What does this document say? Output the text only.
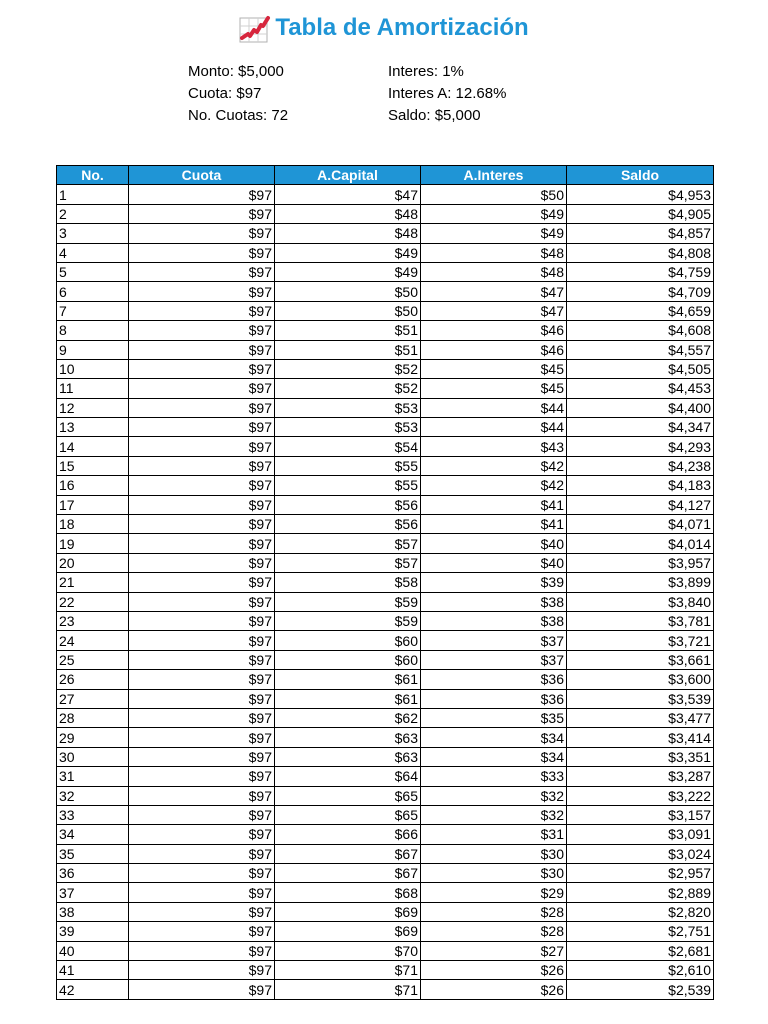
Tabla de Amortización
Monto: $5,000	Interes: 1%
Cuota: $97	Interes A: 12.68%
No. Cuotas: 72	Saldo: $5,000
No.	Cuota	A.Capital	A.Interes	Saldo
1	$97	$47	$50	$4,953
2	$97	$48	$49	$4,905
3	$97	$48	$49	$4,857
4	$97	$49	$48	$4,808
5	$97	$49	$48	$4,759
6	$97	$50	$47	$4,709
7	$97	$50	$47	$4,659
8	$97	$51	$46	$4,608
9	$97	$51	$46	$4,557
10	$97	$52	$45	$4,505
11	$97	$52	$45	$4,453
12	$97	$53	$44	$4,400
13	$97	$53	$44	$4,347
14	$97	$54	$43	$4,293
15	$97	$55	$42	$4,238
16	$97	$55	$42	$4,183
17	$97	$56	$41	$4,127
18	$97	$56	$41	$4,071
19	$97	$57	$40	$4,014
20	$97	$57	$40	$3,957
21	$97	$58	$39	$3,899
22	$97	$59	$38	$3,840
23	$97	$59	$38	$3,781
24	$97	$60	$37	$3,721
25	$97	$60	$37	$3,661
26	$97	$61	$36	$3,600
27	$97	$61	$36	$3,539
28	$97	$62	$35	$3,477
29	$97	$63	$34	$3,414
30	$97	$63	$34	$3,351
31	$97	$64	$33	$3,287
32	$97	$65	$32	$3,222
33	$97	$65	$32	$3,157
34	$97	$66	$31	$3,091
35	$97	$67	$30	$3,024
36	$97	$67	$30	$2,957
37	$97	$68	$29	$2,889
38	$97	$69	$28	$2,820
39	$97	$69	$28	$2,751
40	$97	$70	$27	$2,681
41	$97	$71	$26	$2,610
42	$97	$71	$26	$2,539
